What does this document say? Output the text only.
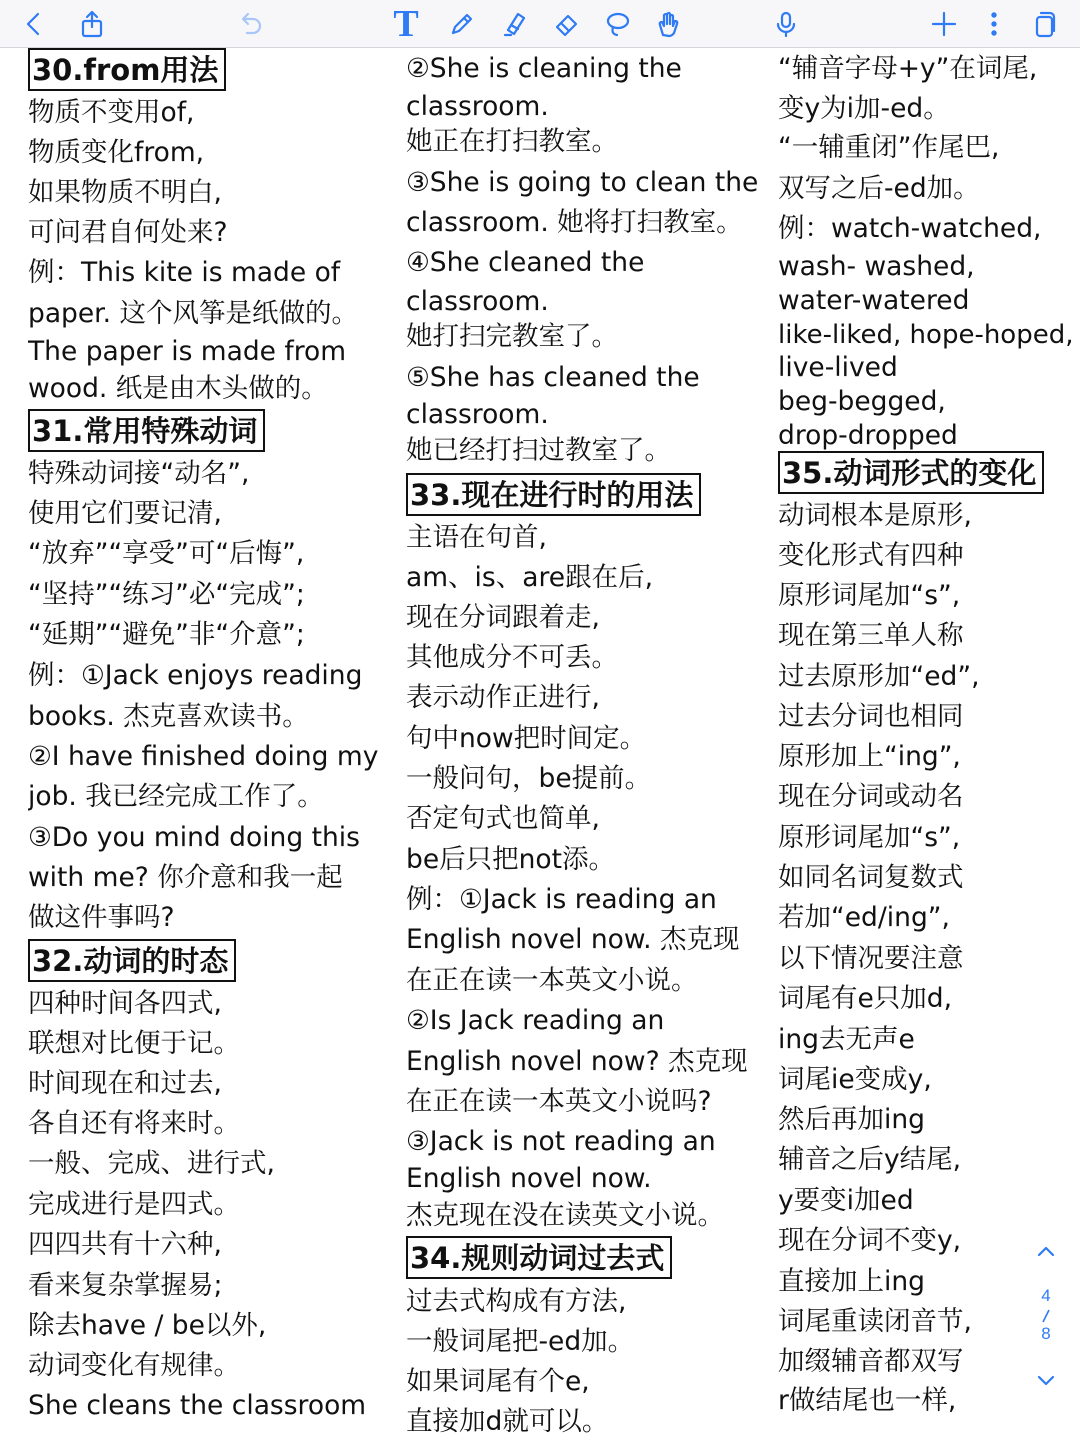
T
30.from用法
物质不变用of,
物质变化from,
如果物质不明白,
可问君自何处来?
例：This kite is made of
paper. 这个风筝是纸做的。
The paper is made from
wood. 纸是由木头做的。
31.常用特殊动词
特殊动词接“动名”,
使用它们要记清,
“放弃”“享受”可“后悔”,
“坚持”“练习”必“完成”;
“延期”“避免”非“介意”;
例：①Jack enjoys reading
books. 杰克喜欢读书。
②I have finished doing my
job. 我已经完成工作了。
③Do you mind doing this
with me? 你介意和我一起
做这件事吗?
32.动词的时态
四种时间各四式,
联想对比便于记。
时间现在和过去,
各自还有将来时。
一般、完成、进行式,
完成进行是四式。
四四共有十六种,
看来复杂掌握易;
除去have / be以外,
动词变化有规律。
She cleans the classroom
②She is cleaning the
classroom.
她正在打扫教室。
③She is going to clean the
classroom. 她将打扫教室。
④She cleaned the
classroom.
她打扫完教室了。
⑤She has cleaned the
classroom.
她已经打扫过教室了。
33.现在进行时的用法
主语在句首,
am、is、are跟在后,
现在分词跟着走,
其他成分不可丢。
表示动作正进行,
句中now把时间定。
一般问句，be提前。
否定句式也简单,
be后只把not添。
例：①Jack is reading an
English novel now. 杰克现
在正在读一本英文小说。
②Is Jack reading an
English novel now? 杰克现
在正在读一本英文小说吗?
③Jack is not reading an
English novel now.
杰克现在没在读英文小说。
34.规则动词过去式
过去式构成有方法,
一般词尾把-ed加。
如果词尾有个e,
直接加d就可以。
“辅音字母+y”在词尾,
变y为i加-ed。
“一辅重闭”作尾巴,
双写之后-ed加。
例：watch-watched,
wash- washed,
water-watered
like-liked, hope-hoped,
live-lived
beg-begged,
drop-dropped
35.动词形式的变化
动词根本是原形,
变化形式有四种
原形词尾加“s”,
现在第三单人称
过去原形加“ed”,
过去分词也相同
原形加上“ing”,
现在分词或动名
原形词尾加“s”,
如同名词复数式
若加“ed/ing”,
以下情况要注意
词尾有e只加d,
ing去无声e
词尾ie变成y,
然后再加ing
辅音之后y结尾,
y要变i加ed
现在分词不变y,
直接加上ing
词尾重读闭音节,
加缀辅音都双写
r做结尾也一样,
4
8
